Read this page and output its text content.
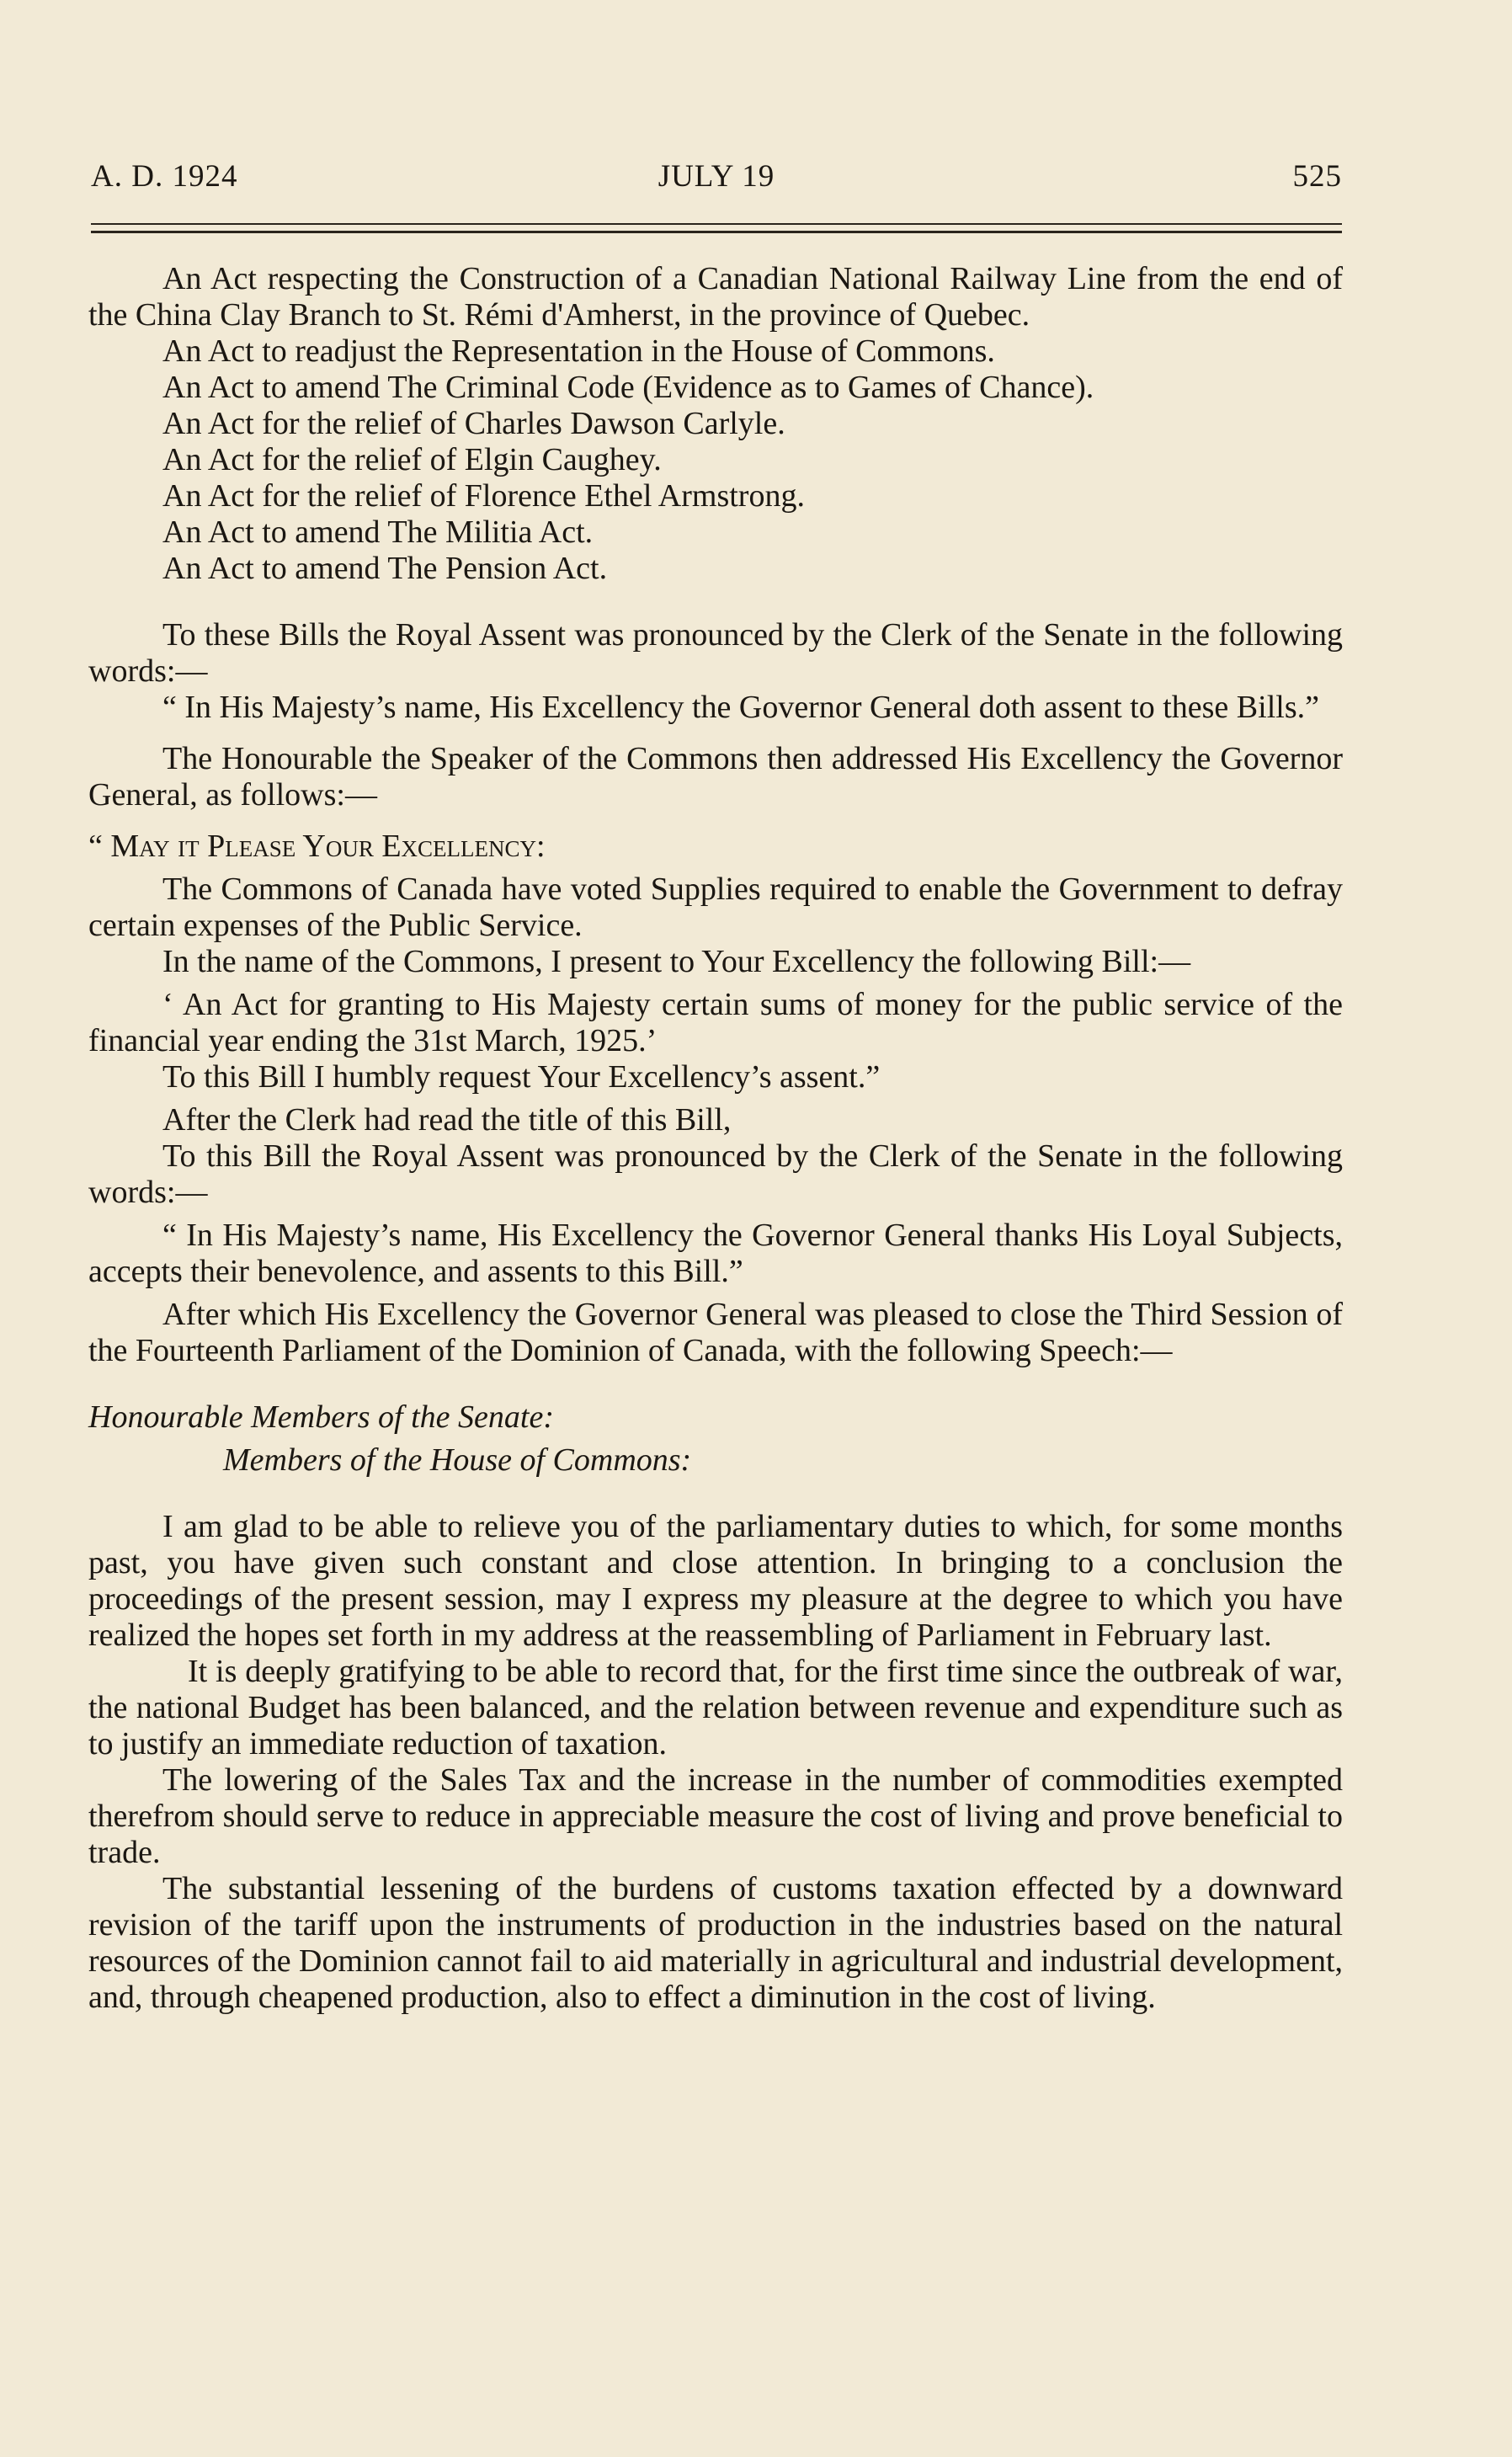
JULY 19
A. D. 1924	525

An Act respecting the Construction of a Canadian National Railway Line from the end of the China Clay Branch to St. Rémi d'Amherst, in the province of Quebec.

An Act to readjust the Representation in the House of Commons.

An Act to amend The Criminal Code (Evidence as to Games of Chance).

An Act for the relief of Charles Dawson Carlyle.

An Act for the relief of Elgin Caughey.

An Act for the relief of Florence Ethel Armstrong.

An Act to amend The Militia Act.

An Act to amend The Pension Act.

To these Bills the Royal Assent was pronounced by the Clerk of the Senate in the following words:—

“ In His Majesty’s name, His Excellency the Governor General doth assent to these Bills.”

The Honourable the Speaker of the Commons then addressed His Excellency the Governor General, as follows:—

“ May it Please Your Excellency:

The Commons of Canada have voted Supplies required to enable the Government to defray certain expenses of the Public Service.

In the name of the Commons, I present to Your Excellency the following Bill:—

‘ An Act for granting to His Majesty certain sums of money for the public service of the financial year ending the 31st March, 1925.’

To this Bill I humbly request Your Excellency’s assent.”

After the Clerk had read the title of this Bill,

To this Bill the Royal Assent was pronounced by the Clerk of the Senate in the following words:—

“ In His Majesty’s name, His Excellency the Governor General thanks His Loyal Subjects, accepts their benevolence, and assents to this Bill.”

After which His Excellency the Governor General was pleased to close the Third Session of the Fourteenth Parliament of the Dominion of Canada, with the following Speech:—

Honourable Members of the Senate:

Members of the House of Commons:

I am glad to be able to relieve you of the parliamentary duties to which, for some months past, you have given such constant and close attention. In bringing to a conclusion the proceedings of the present session, may I express my pleasure at the degree to which you have realized the hopes set forth in my address at the reassembling of Parliament in February last.

It is deeply gratifying to be able to record that, for the first time since the outbreak of war, the national Budget has been balanced, and the relation between revenue and expenditure such as to justify an immediate reduction of taxation.

The lowering of the Sales Tax and the increase in the number of commodities exempted therefrom should serve to reduce in appreciable measure the cost of living and prove beneficial to trade.

The substantial lessening of the burdens of customs taxation effected by a downward revision of the tariff upon the instruments of production in the industries based on the natural resources of the Dominion cannot fail to aid materially in agricultural and industrial development, and, through cheapened production, also to effect a diminution in the cost of living.
